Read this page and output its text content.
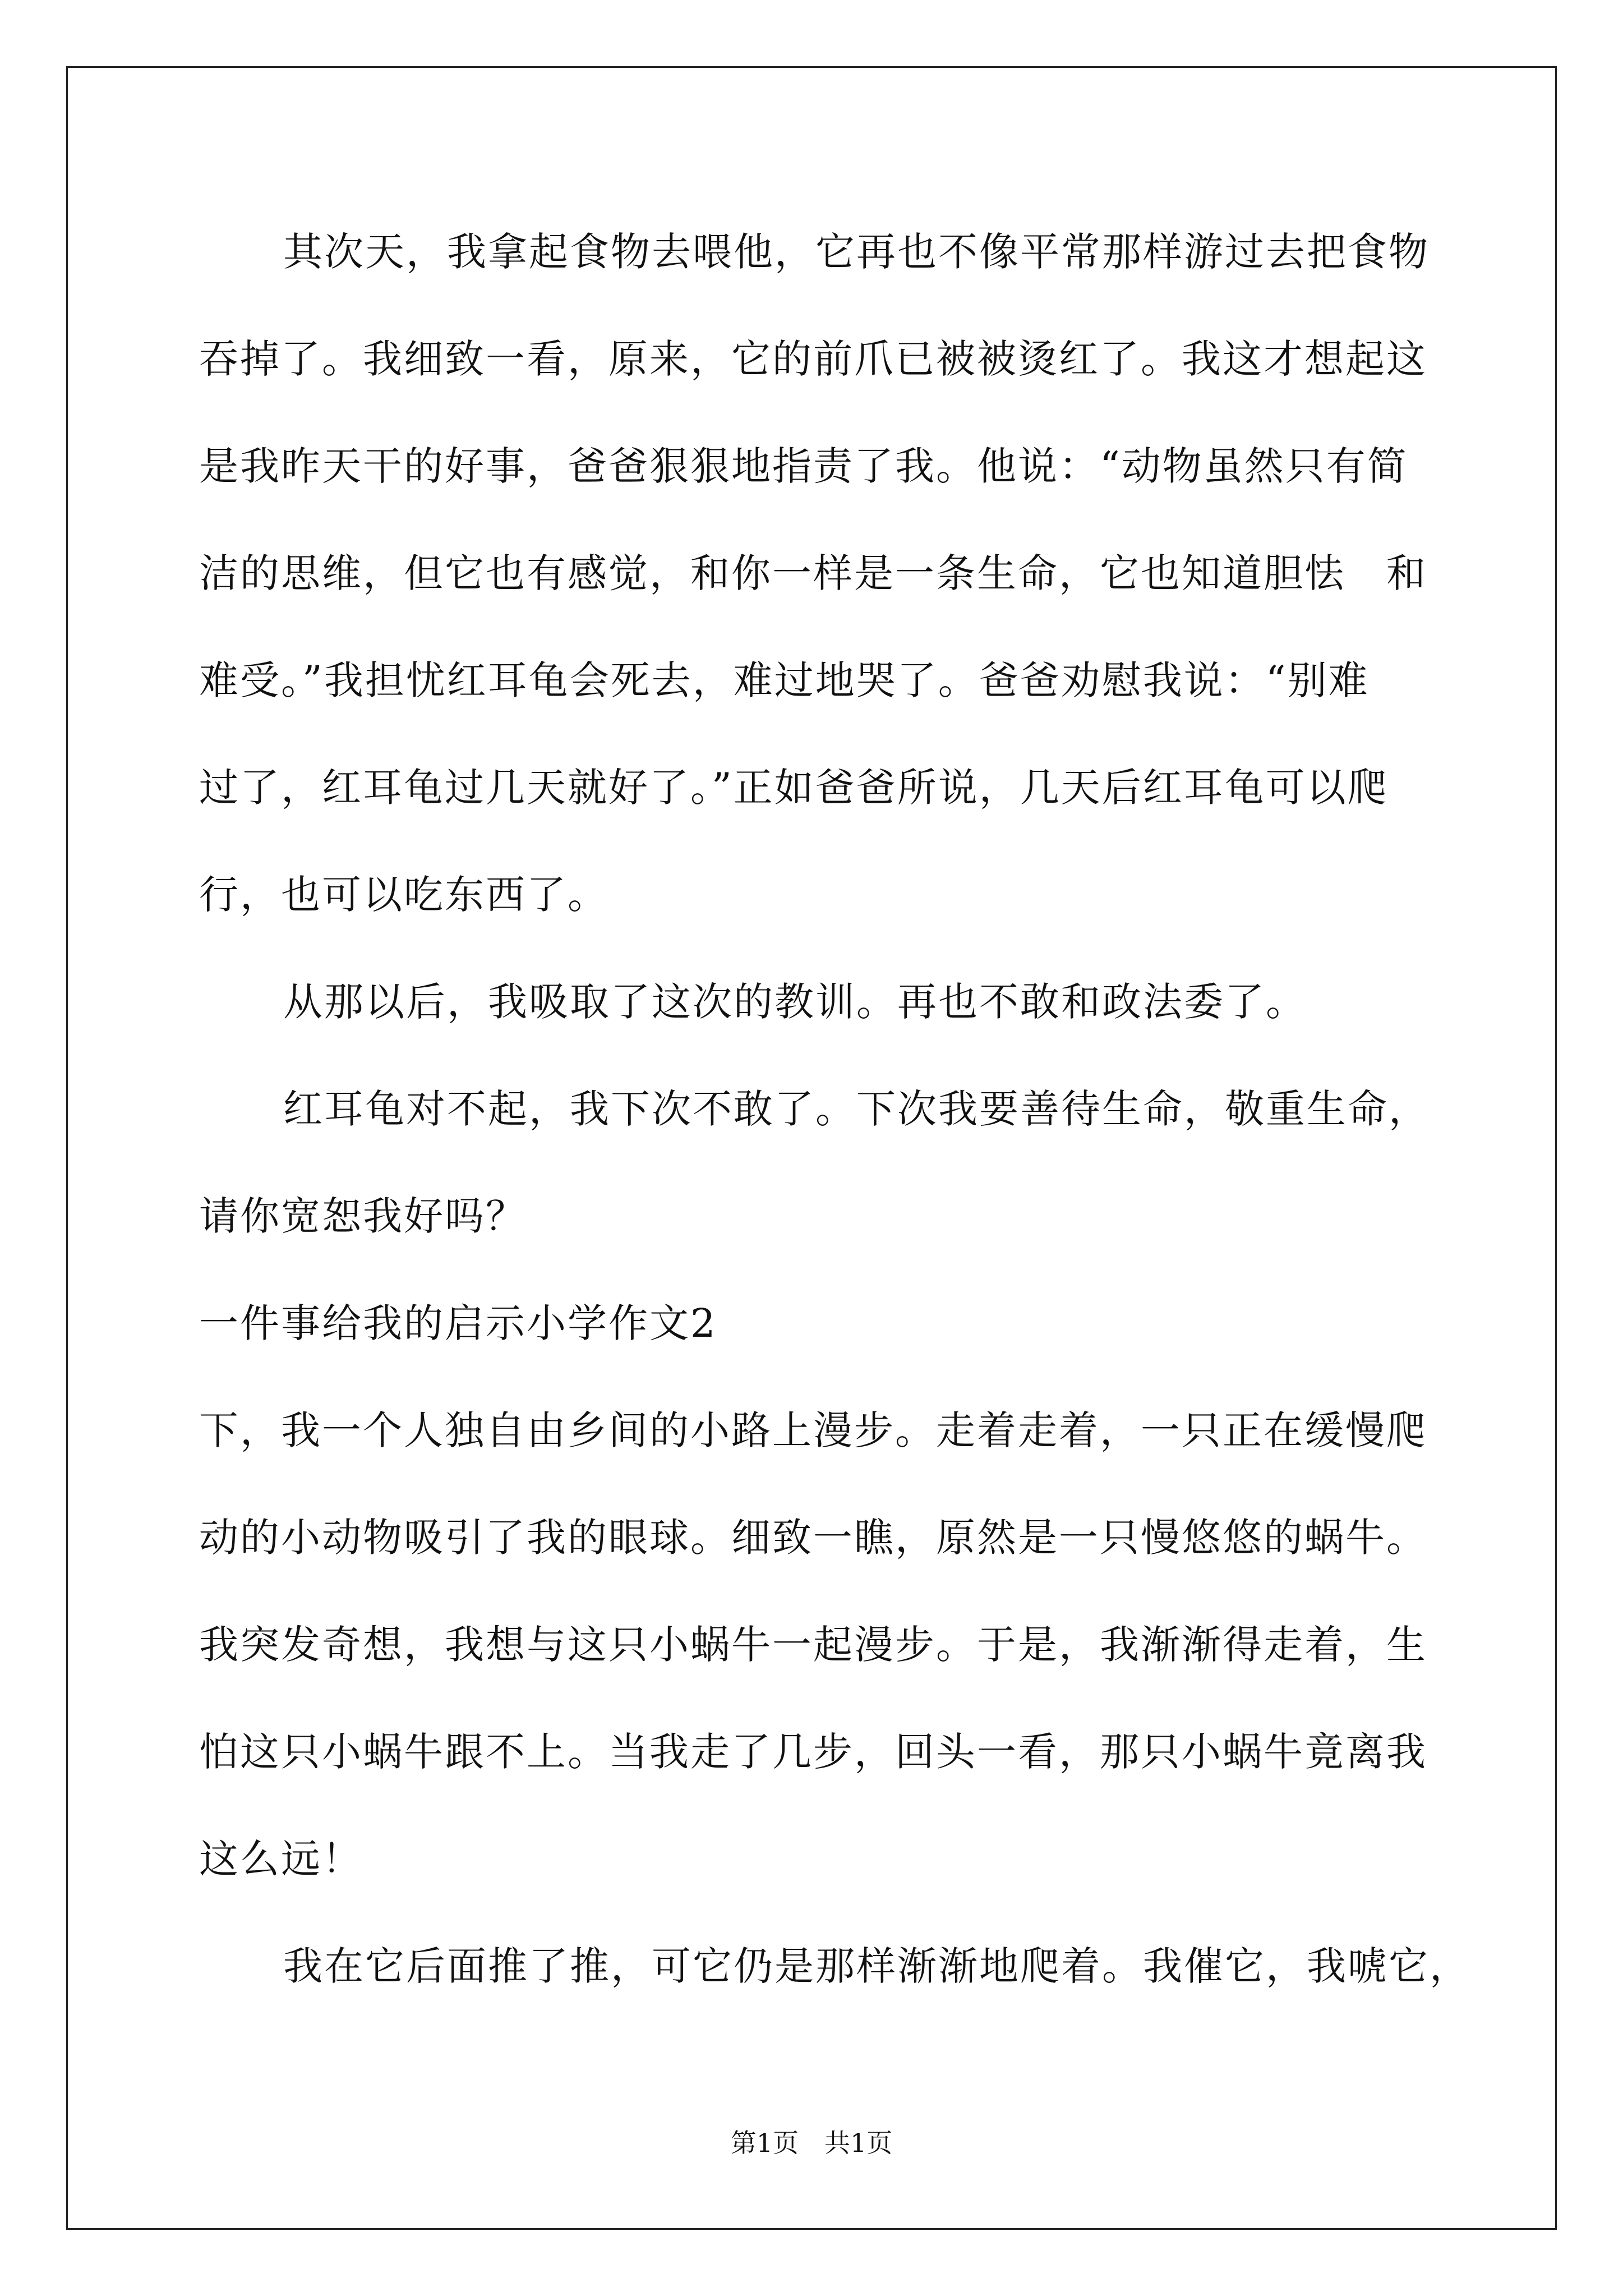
其次天，我拿起食物去喂他，它再也不像平常那样游过去把食物
吞掉了。我细致一看，原来，它的前爪已被被烫红了。我这才想起这
是我昨天干的好事，爸爸狠狠地指责了我。他说：“动物虽然只有简
洁的思维，但它也有感觉，和你一样是一条生命，它也知道胆怯　和
难受。”我担忧红耳龟会死去，难过地哭了。爸爸劝慰我说：“别难
过了，红耳龟过几天就好了。”正如爸爸所说，几天后红耳龟可以爬
行，也可以吃东西了。
从那以后，我吸取了这次的教训。再也不敢和政法委了。
红耳龟对不起，我下次不敢了。下次我要善待生命，敬重生命，
请你宽恕我好吗？
一件事给我的启示小学作文2
下，我一个人独自由乡间的小路上漫步。走着走着，一只正在缓慢爬
动的小动物吸引了我的眼球。细致一瞧，原然是一只慢悠悠的蜗牛。
我突发奇想，我想与这只小蜗牛一起漫步。于是，我渐渐得走着，生
怕这只小蜗牛跟不上。当我走了几步，回头一看，那只小蜗牛竟离我
这么远！
我在它后面推了推，可它仍是那样渐渐地爬着。我催它，我唬它，
第1页　共1页
